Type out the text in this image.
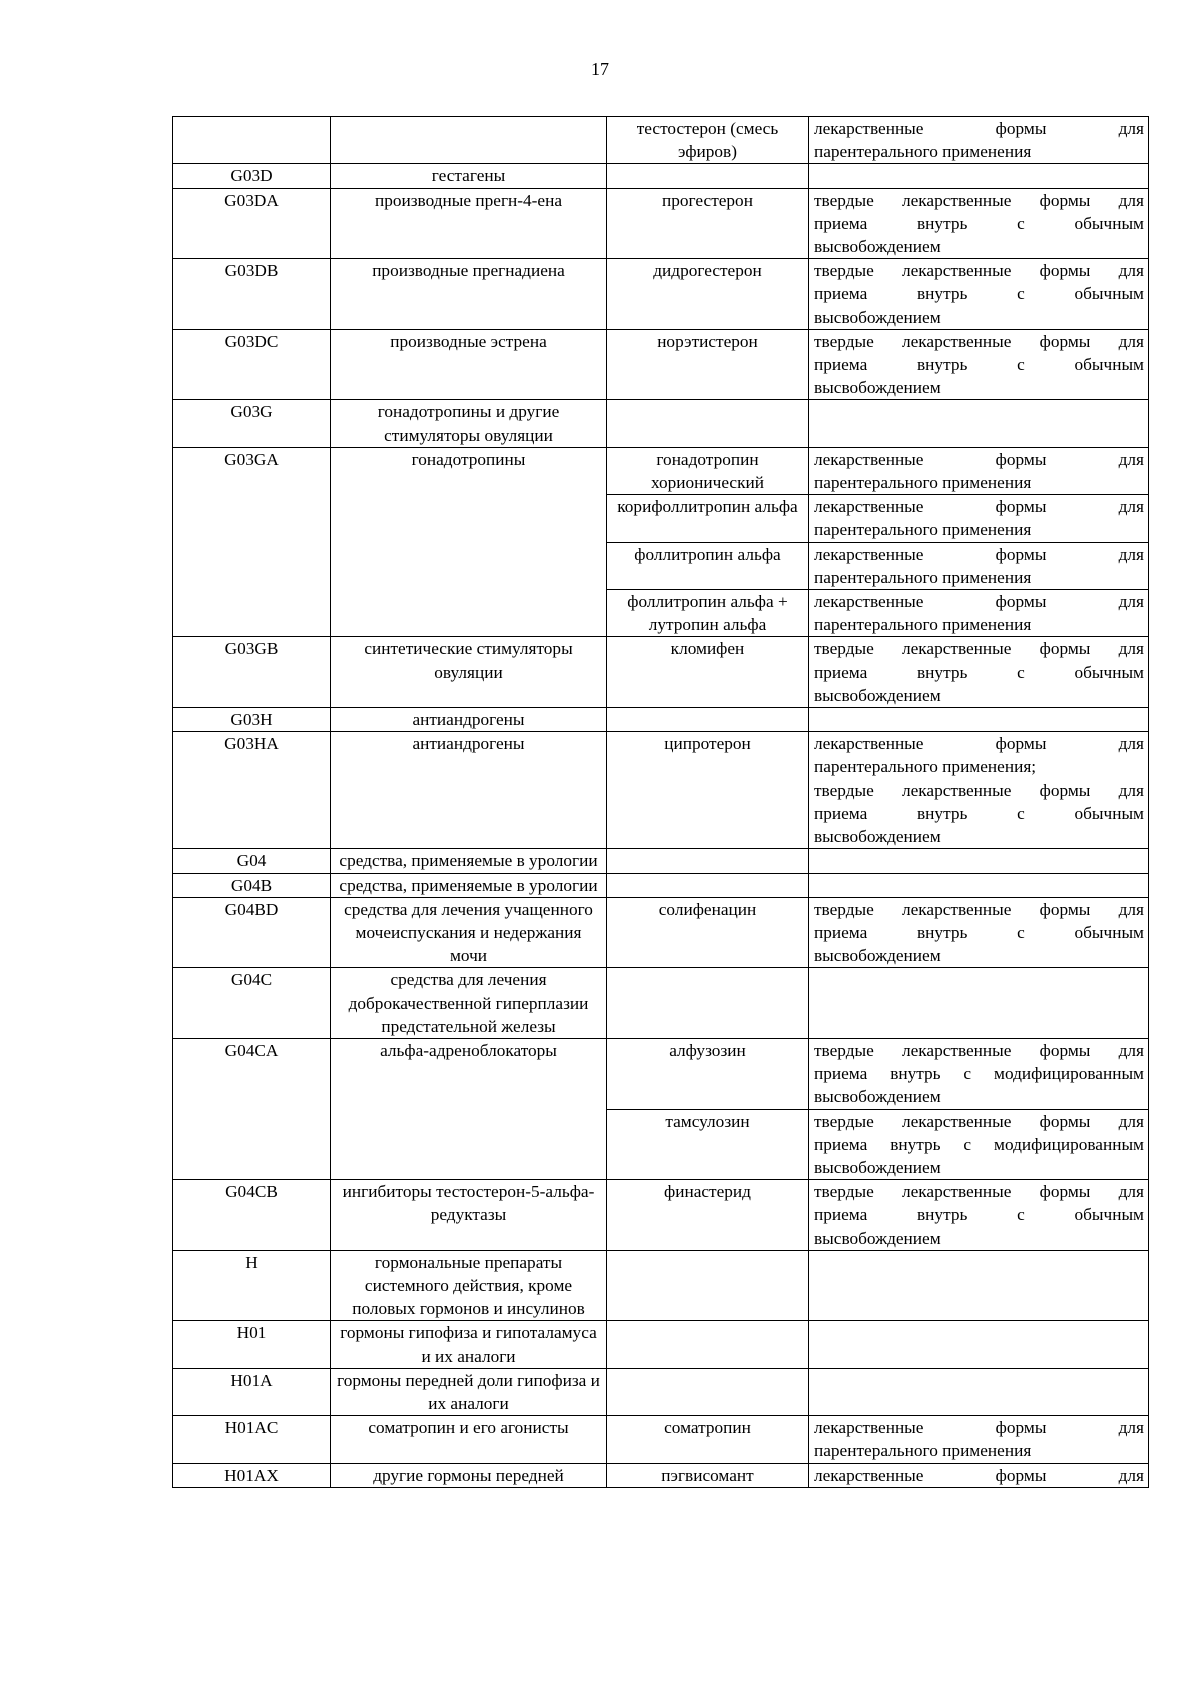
17
		тестостерон (смесь эфиров)	лекарственные формы для
парентерального применения

G03D	гестагены		
G03DA	производные прегн-4-ена	прогестерон	твердые лекарственные формы для
приема внутрь с обычным
высвобождением

G03DB	производные прегнадиена	дидрогестерон	твердые лекарственные формы для
приема внутрь с обычным
высвобождением

G03DC	производные эстрена	норэтистерон	твердые лекарственные формы для
приема внутрь с обычным
высвобождением

G03G	гонадотропины и другие стимуляторы овуляции		
G03GA	гонадотропины	гонадотропин хорионический	лекарственные формы для
парентерального применения

		корифоллитропин альфа	лекарственные формы для
парентерального применения

		фоллитропин альфа	лекарственные формы для
парентерального применения

		фоллитропин альфа + лутропин альфа	лекарственные формы для
парентерального применения

G03GB	синтетические стимуляторы овуляции	кломифен	твердые лекарственные формы для
приема внутрь с обычным
высвобождением

G03H	антиандрогены		
G03HA	антиандрогены	ципротерон	лекарственные формы для
парентерального применения;
твердые лекарственные формы для
приема внутрь с обычным
высвобождением

G04	средства, применяемые в урологии		
G04B	средства, применяемые в урологии		
G04BD	средства для лечения учащенного мочеиспускания и недержания мочи	солифенацин	твердые лекарственные формы для
приема внутрь с обычным
высвобождением

G04C	средства для лечения доброкачественной гиперплазии предстательной железы		
G04CA	альфа-адреноблокаторы	алфузозин	твердые лекарственные формы для
приема внутрь с модифицированным
высвобождением

		тамсулозин	твердые лекарственные формы для
приема внутрь с модифицированным
высвобождением

G04CB	ингибиторы тестостерон-5-альфа-редуктазы	финастерид	твердые лекарственные формы для
приема внутрь с обычным
высвобождением

H	гормональные препараты системного действия, кроме половых гормонов и инсулинов		
H01	гормоны гипофиза и гипоталамуса и их аналоги		
H01A	гормоны передней доли гипофиза и их аналоги		
H01AC	соматропин и его агонисты	соматропин	лекарственные формы для
парентерального применения

H01AX	другие гормоны передней	пэгвисомант	лекарственные формы для
